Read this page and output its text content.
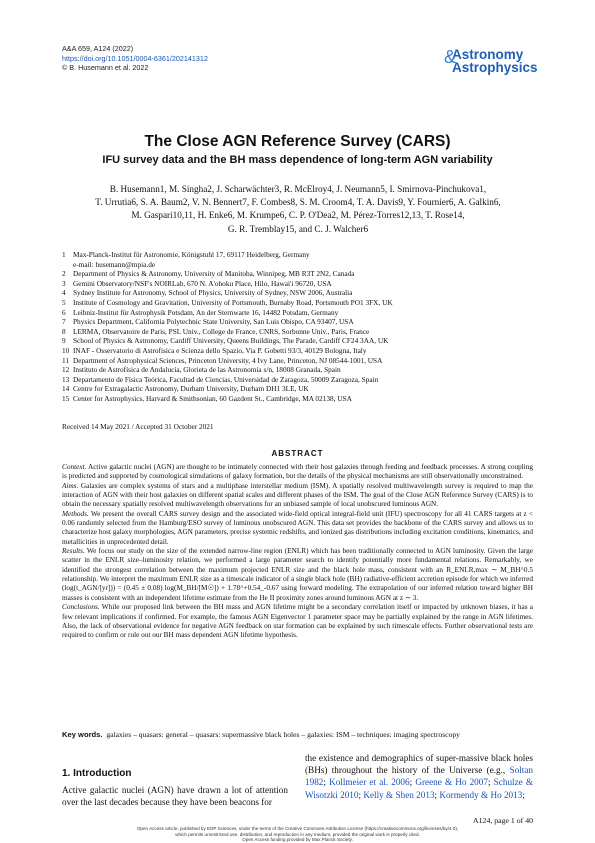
A&A 659, A124 (2022)
https://doi.org/10.1051/0004-6361/202141312
© B. Husemann et al. 2022
Astronomy
&
Astrophysics
The Close AGN Reference Survey (CARS)
IFU survey data and the BH mass dependence of long-term AGN variability
B. Husemann1, M. Singha2, J. Scharwächter3, R. McElroy4, J. Neumann5, I. Smirnova-Pinchukova1,
T. Urrutia6, S. A. Baum2, V. N. Bennert7, F. Combes8, S. M. Croom4, T. A. Davis9, Y. Fournier6, A. Galkin6,
M. Gaspari10,11, H. Enke6, M. Krumpe6, C. P. O'Dea2, M. Pérez-Torres12,13, T. Rose14,
G. R. Tremblay15, and C. J. Walcher6
1 Max-Planck-Institut für Astronomie, Königstuhl 17, 69117 Heidelberg, Germany
e-mail: husemann@mpia.de
2 Department of Physics & Astronomy, University of Manitoba, Winnipeg, MB R3T 2N2, Canada
3 Gemini Observatory/NSF's NOIRLab, 670 N. A'ohoku Place, Hilo, Hawai'i 96720, USA
4 Sydney Institute for Astronomy, School of Physics, University of Sydney, NSW 2006, Australia
5 Institute of Cosmology and Gravitation, University of Portsmouth, Burnaby Road, Portsmouth PO1 3FX, UK
6 Leibniz-Institut für Astrophysik Potsdam, An der Sternwarte 16, 14482 Potsdam, Germany
7 Physics Department, California Polytechnic State University, San Luis Obispo, CA 93407, USA
8 LERMA, Observatoire de Paris, PSL Univ., College de France, CNRS, Sorbonne Univ., Paris, France
9 School of Physics & Astronomy, Cardiff University, Queens Buildings, The Parade, Cardiff CF24 3AA, UK
10 INAF - Osservatorio di Astrofisica e Scienza dello Spazio, Via P. Gobetti 93/3, 40129 Bologna, Italy
11 Department of Astrophysical Sciences, Princeton University, 4 Ivy Lane, Princeton, NJ 08544-1001, USA
12 Instituto de Astrofísica de Andalucía, Glorieta de las Astronomía s/n, 18008 Granada, Spain
13 Departamento de Física Teórica, Facultad de Ciencias, Universidad de Zaragoza, 50009 Zaragoza, Spain
14 Centre for Extragalactic Astronomy, Durham University, Durham DH1 3LE, UK
15 Center for Astrophysics, Harvard & Smithsonian, 60 Gazdent St., Cambridge, MA 02138, USA
Received 14 May 2021 / Accepted 31 October 2021
ABSTRACT

Context. Active galactic nuclei (AGN) are thought to be intimately connected with their host galaxies through feeding and feedback processes. A strong coupling is predicted and supported by cosmological simulations of galaxy formation, but the details of the physical mechanisms are still observationally unconstrained.

Aims. Galaxies are complex systems of stars and a multiphase interstellar medium (ISM). A spatially resolved multiwavelength survey is required to map the interaction of AGN with their host galaxies on different spatial scales and different phases of the ISM. The goal of the Close AGN Reference Survey (CARS) is to obtain the necessary spatially resolved multiwavelength observations for an unbiased sample of local unobscured luminous AGN.

Methods. We present the overall CARS survey design and the associated wide-field optical integral-field unit (IFU) spectroscopy for all 41 CARS targets at z < 0.06 randomly selected from the Hamburg/ESO survey of luminous unobscured AGN. This data set provides the backbone of the CARS survey and allows us to characterize host galaxy morphologies, AGN parameters, precise systemic redshifts, and ionized gas distributions including excitation conditions, kinematics, and metallicities in unprecedented detail.

Results. We focus our study on the size of the extended narrow-line region (ENLR) which has been traditionally connected to AGN luminosity. Given the large scatter in the ENLR size–luminosity relation, we performed a large parameter search to identify potentially more fundamental relations. Remarkably, we identified the strongest correlation between the maximum projected ENLR size and the black hole mass, consistent with an R_ENLR,max ∼ M_BH^0.5 relationship. We interpret the maximum ENLR size as a timescale indicator of a single black hole (BH) radiative-efficient accretion episode for which we inferred (log(t_AGN/[yr])) = (0.45 ± 0.08) log(M_BH/[M☉]) + 1.78^+0.54_-0.67 using forward modeling. The extrapolation of our inferred relation toward higher BH masses is consistent with an independent lifetime estimate from the He II proximity zones around luminous AGN at z ∼ 3.

Conclusions. While our proposed link between the BH mass and AGN lifetime might be a secondary correlation itself or impacted by unknown biases, it has a few relevant implications if confirmed. For example, the famous AGN Eigenvector 1 parameter space may be partially explained by the range in AGN lifetimes. Also, the lack of observational evidence for negative AGN feedback on star formation can be explained by such timescale effects. Further observational tests are required to confirm or rule out our BH mass dependent AGN lifetime hypothesis.

Key words. galaxies – quasars: general – quasars: supermassive black holes – galaxies: ISM – techniques: imaging spectroscopy
1. Introduction
Active galactic nuclei (AGN) have drawn a lot of attention over the last decades because they have been beacons for
the existence and demographics of super-massive black holes (BHs) throughout the history of the Universe (e.g., Soltan 1982; Kollmeier et al. 2006; Greene & Ho 2007; Schulze & Wisotzki 2010; Kelly & Shen 2013; Kormendy & Ho 2013;
A124, page 1 of 40
Open Access article, published by EDP Sciences, under the terms of the Creative Commons Attribution License (https://creativecommons.org/licenses/by/4.0),
which permits unrestricted use, distribution, and reproduction in any medium, provided the original work is properly cited.
Open Access funding provided by Max Planck Society.
